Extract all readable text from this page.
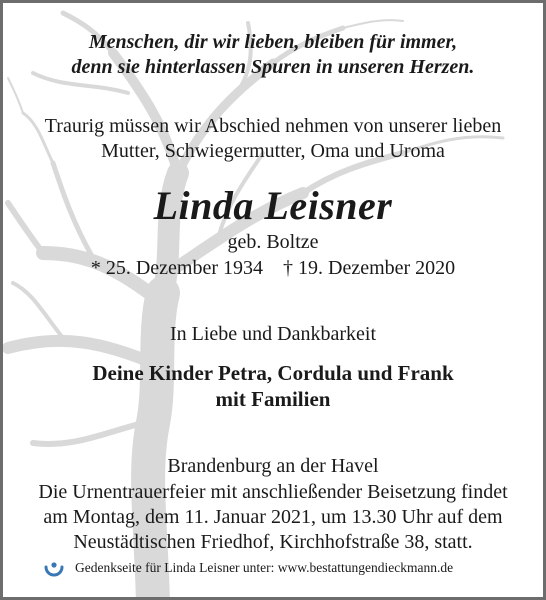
Menschen, dir wir lieben, bleiben für immer,
denn sie hinterlassen Spuren in unseren Herzen.
Traurig müssen wir Abschied nehmen von unserer lieben
Mutter, Schwiegermutter, Oma und Uroma
Linda Leisner
geb. Boltze
* 25. Dezember 1934    † 19. Dezember 2020
In Liebe und Dankbarkeit
Deine Kinder Petra, Cordula und Frank
mit Familien
Brandenburg an der Havel
Die Urnentrauerfeier mit anschließender Beisetzung findet
am Montag, dem 11. Januar 2021, um 13.30 Uhr auf dem
Neustädtischen Friedhof, Kirchhofstraße 38, statt.
Gedenkseite für Linda Leisner unter: www.bestattungendieckmann.de
